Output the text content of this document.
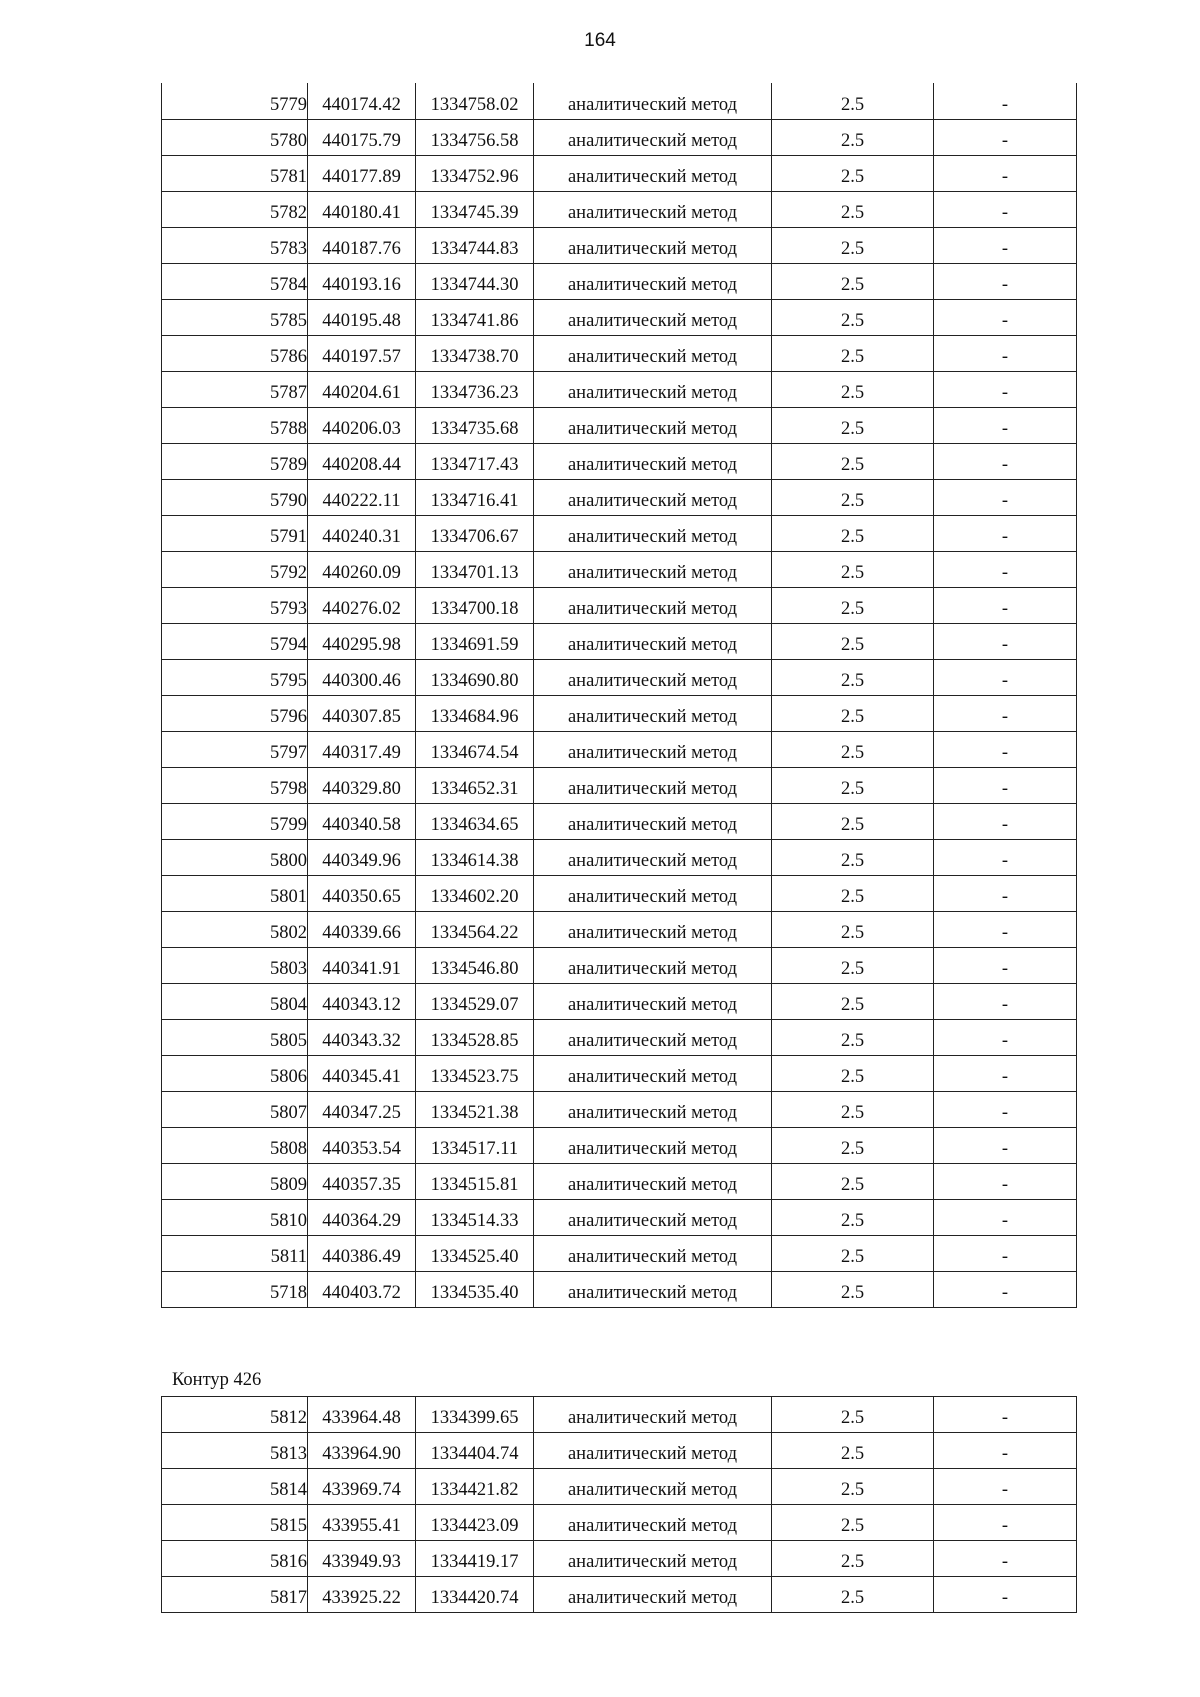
164
5779	440174.42	1334758.02	аналитический метод	2.5	-
5780	440175.79	1334756.58	аналитический метод	2.5	-
5781	440177.89	1334752.96	аналитический метод	2.5	-
5782	440180.41	1334745.39	аналитический метод	2.5	-
5783	440187.76	1334744.83	аналитический метод	2.5	-
5784	440193.16	1334744.30	аналитический метод	2.5	-
5785	440195.48	1334741.86	аналитический метод	2.5	-
5786	440197.57	1334738.70	аналитический метод	2.5	-
5787	440204.61	1334736.23	аналитический метод	2.5	-
5788	440206.03	1334735.68	аналитический метод	2.5	-
5789	440208.44	1334717.43	аналитический метод	2.5	-
5790	440222.11	1334716.41	аналитический метод	2.5	-
5791	440240.31	1334706.67	аналитический метод	2.5	-
5792	440260.09	1334701.13	аналитический метод	2.5	-
5793	440276.02	1334700.18	аналитический метод	2.5	-
5794	440295.98	1334691.59	аналитический метод	2.5	-
5795	440300.46	1334690.80	аналитический метод	2.5	-
5796	440307.85	1334684.96	аналитический метод	2.5	-
5797	440317.49	1334674.54	аналитический метод	2.5	-
5798	440329.80	1334652.31	аналитический метод	2.5	-
5799	440340.58	1334634.65	аналитический метод	2.5	-
5800	440349.96	1334614.38	аналитический метод	2.5	-
5801	440350.65	1334602.20	аналитический метод	2.5	-
5802	440339.66	1334564.22	аналитический метод	2.5	-
5803	440341.91	1334546.80	аналитический метод	2.5	-
5804	440343.12	1334529.07	аналитический метод	2.5	-
5805	440343.32	1334528.85	аналитический метод	2.5	-
5806	440345.41	1334523.75	аналитический метод	2.5	-
5807	440347.25	1334521.38	аналитический метод	2.5	-
5808	440353.54	1334517.11	аналитический метод	2.5	-
5809	440357.35	1334515.81	аналитический метод	2.5	-
5810	440364.29	1334514.33	аналитический метод	2.5	-
5811	440386.49	1334525.40	аналитический метод	2.5	-
5718	440403.72	1334535.40	аналитический метод	2.5	-
Контур 426
5812	433964.48	1334399.65	аналитический метод	2.5	-
5813	433964.90	1334404.74	аналитический метод	2.5	-
5814	433969.74	1334421.82	аналитический метод	2.5	-
5815	433955.41	1334423.09	аналитический метод	2.5	-
5816	433949.93	1334419.17	аналитический метод	2.5	-
5817	433925.22	1334420.74	аналитический метод	2.5	-
